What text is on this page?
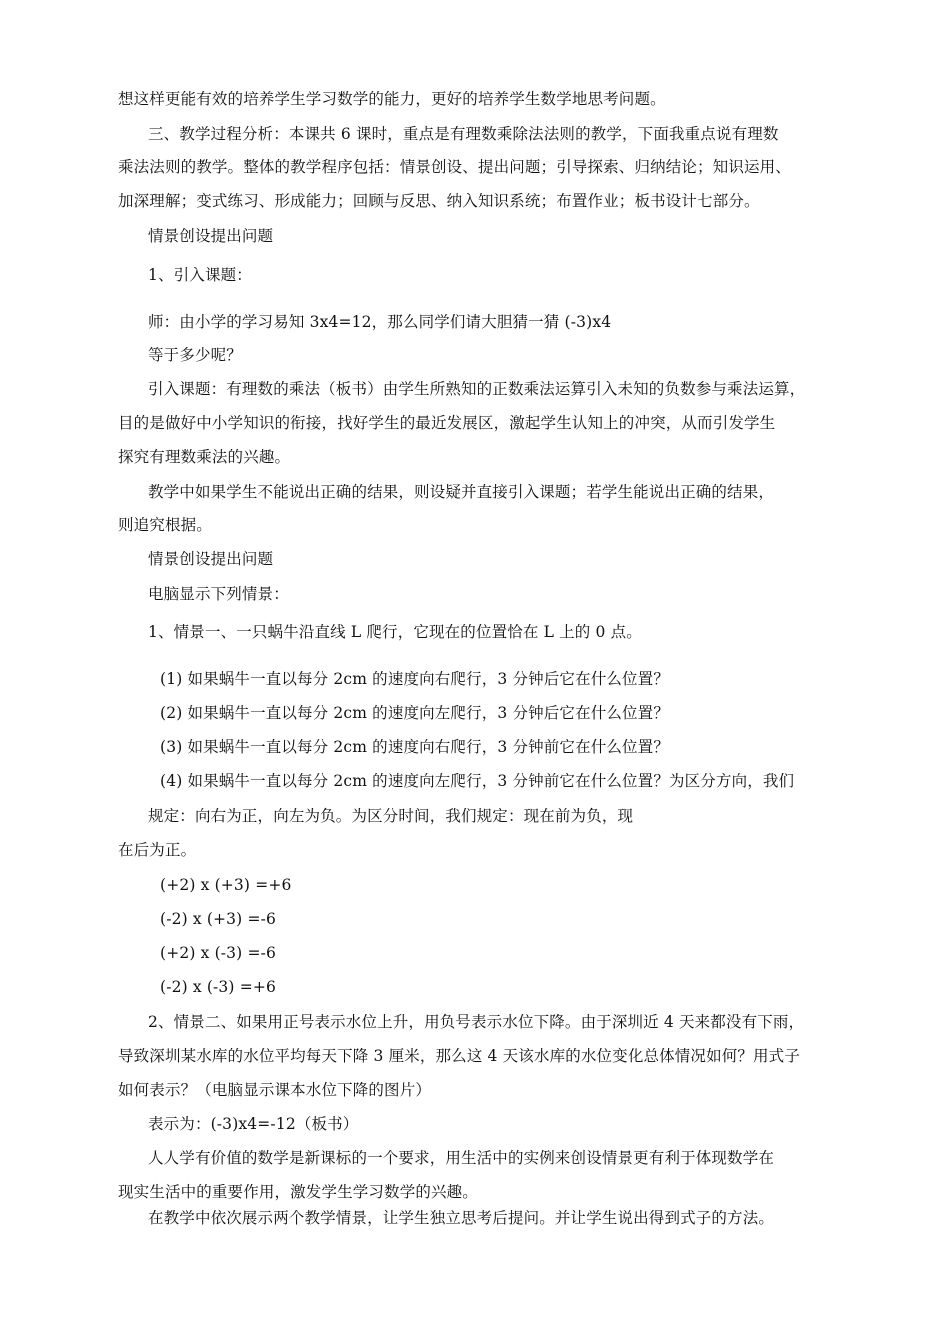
想这样更能有效的培养学生学习数学的能力，更好的培养学生数学地思考问题。
三、教学过程分析：本课共 6 课时，重点是有理数乘除法法则的教学，下面我重点说有理数
乘法法则的教学。整体的教学程序包括：情景创设、提出问题；引导探索、归纳结论；知识运用、
加深理解；变式练习、形成能力；回顾与反思、纳入知识系统；布置作业；板书设计七部分。
情景创设提出问题
1、引入课题：
师：由小学的学习易知 3x4=12，那么同学们请大胆猜一猜 (-3)x4
等于多少呢？
引入课题：有理数的乘法（板书）由学生所熟知的正数乘法运算引入未知的负数参与乘法运算，
目的是做好中小学知识的衔接，找好学生的最近发展区，激起学生认知上的冲突，从而引发学生
探究有理数乘法的兴趣。
教学中如果学生不能说出正确的结果，则设疑并直接引入课题；若学生能说出正确的结果，
则追究根据。
情景创设提出问题
电脑显示下列情景：
1、情景一、一只蜗牛沿直线 L 爬行，它现在的位置恰在 L 上的 0 点。
(1) 如果蜗牛一直以每分 2cm 的速度向右爬行，3 分钟后它在什么位置？
(2) 如果蜗牛一直以每分 2cm 的速度向左爬行，3 分钟后它在什么位置？
(3) 如果蜗牛一直以每分 2cm 的速度向右爬行，3 分钟前它在什么位置？
(4) 如果蜗牛一直以每分 2cm 的速度向左爬行，3 分钟前它在什么位置？为区分方向，我们
规定：向右为正，向左为负。为区分时间，我们规定：现在前为负，现
在后为正。
(+2) x (+3) =+6
(-2) x (+3) =-6
(+2) x (-3) =-6
(-2) x (-3) =+6
2、情景二、如果用正号表示水位上升，用负号表示水位下降。由于深圳近 4 天来都没有下雨，
导致深圳某水库的水位平均每天下降 3 厘米，那么这 4 天该水库的水位变化总体情况如何？用式子
如何表示？（电脑显示课本水位下降的图片）
表示为：(-3)x4=-12（板书）
人人学有价值的数学是新课标的一个要求，用生活中的实例来创设情景更有利于体现数学在
现实生活中的重要作用，激发学生学习数学的兴趣。
在教学中依次展示两个教学情景，让学生独立思考后提问。并让学生说出得到式子的方法。
